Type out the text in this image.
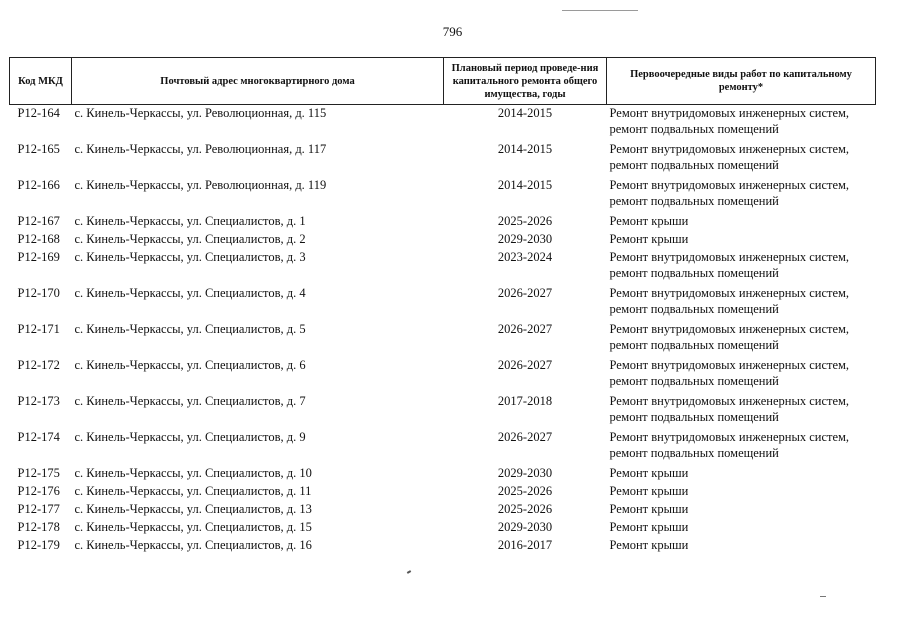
796
Код МКД	Почтовый адрес многоквартирного дома	Плановый период проведе-ния капитального ремонта общего имущества, годы	Первоочередные виды работ по капитальному ремонту*
Р12-164	с. Кинель-Черкассы, ул. Революционная, д. 115	2014-2015	Ремонт внутридомовых инженерных систем, ремонт подвальных помещений
Р12-165	с. Кинель-Черкассы, ул. Революционная, д. 117	2014-2015	Ремонт внутридомовых инженерных систем, ремонт подвальных помещений
Р12-166	с. Кинель-Черкассы, ул. Революционная, д. 119	2014-2015	Ремонт внутридомовых инженерных систем, ремонт подвальных помещений
Р12-167	с. Кинель-Черкассы, ул. Специалистов, д. 1	2025-2026	Ремонт крыши
Р12-168	с. Кинель-Черкассы, ул. Специалистов, д. 2	2029-2030	Ремонт крыши
Р12-169	с. Кинель-Черкассы, ул. Специалистов, д. 3	2023-2024	Ремонт внутридомовых инженерных систем, ремонт подвальных помещений
Р12-170	с. Кинель-Черкассы, ул. Специалистов, д. 4	2026-2027	Ремонт внутридомовых инженерных систем, ремонт подвальных помещений
Р12-171	с. Кинель-Черкассы, ул. Специалистов, д. 5	2026-2027	Ремонт внутридомовых инженерных систем, ремонт подвальных помещений
Р12-172	с. Кинель-Черкассы, ул. Специалистов, д. 6	2026-2027	Ремонт внутридомовых инженерных систем, ремонт подвальных помещений
Р12-173	с. Кинель-Черкассы, ул. Специалистов, д. 7	2017-2018	Ремонт внутридомовых инженерных систем, ремонт подвальных помещений
Р12-174	с. Кинель-Черкассы, ул. Специалистов, д. 9	2026-2027	Ремонт внутридомовых инженерных систем, ремонт подвальных помещений
Р12-175	с. Кинель-Черкассы, ул. Специалистов, д. 10	2029-2030	Ремонт крыши
Р12-176	с. Кинель-Черкассы, ул. Специалистов, д. 11	2025-2026	Ремонт крыши
Р12-177	с. Кинель-Черкассы, ул. Специалистов, д. 13	2025-2026	Ремонт крыши
Р12-178	с. Кинель-Черкассы, ул. Специалистов, д. 15	2029-2030	Ремонт крыши
Р12-179	с. Кинель-Черкассы, ул. Специалистов, д. 16	2016-2017	Ремонт крыши
